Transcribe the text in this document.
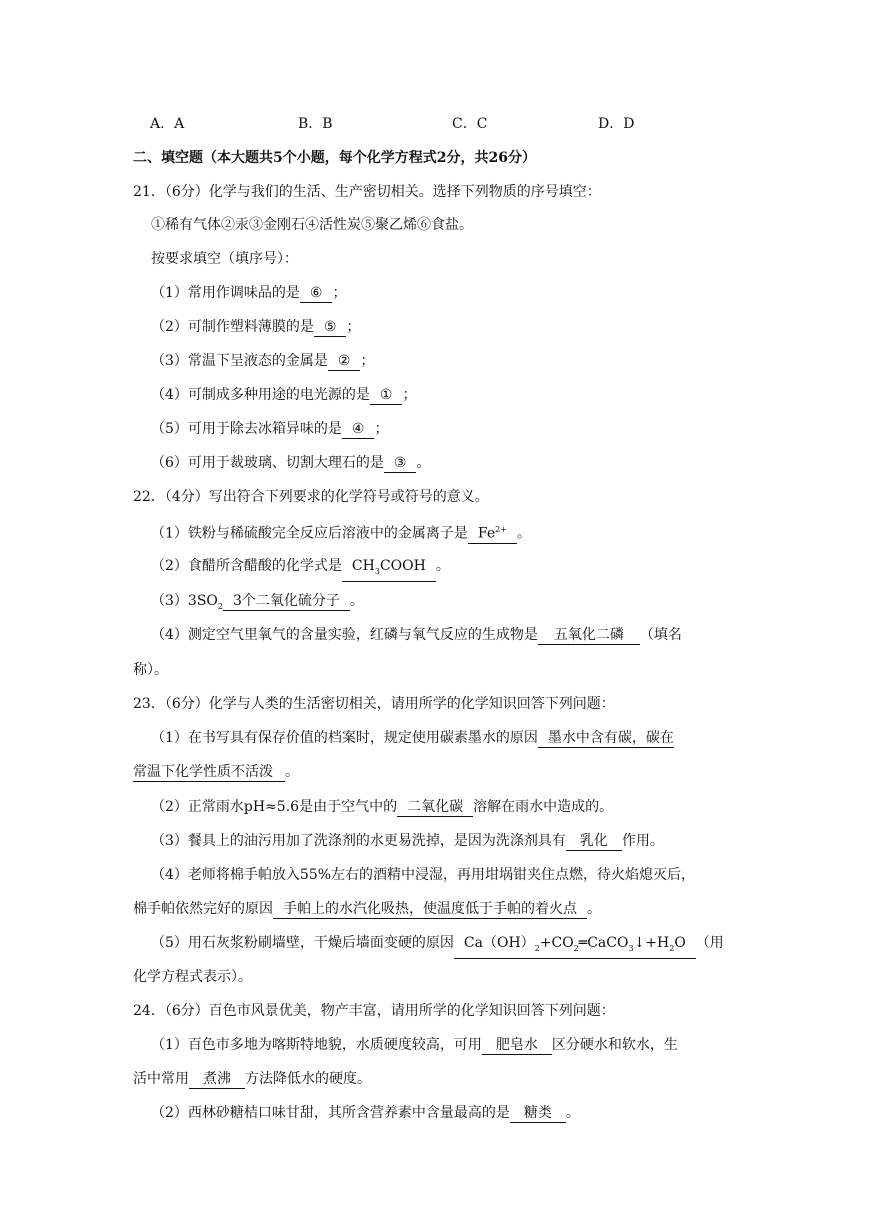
A．A	B．B	C．C	D．D
二、填空题（本大题共5个小题，每个化学方程式2分，共26分）
21．（6分）化学与我们的生活、生产密切相关。选择下列物质的序号填空：
①稀有气体②汞③金刚石④活性炭⑤聚乙烯⑥食盐。
按要求填空（填序号）：
（1）常用作调味品的是 ⑥ ；
（2）可制作塑料薄膜的是 ⑤ ；
（3）常温下呈液态的金属是 ② ；
（4）可制成多种用途的电光源的是 ① ；
（5）可用于除去冰箱异味的是 ④ ；
（6）可用于裁玻璃、切割大理石的是 ③ 。
22．（4分）写出符合下列要求的化学符号或符号的意义。
（1）铁粉与稀硫酸完全反应后溶液中的金属离子是 $Fe^{2+}$ 。
（2）食醋所含醋酸的化学式是 $CH_3COOH$ 。
$(3)3SO_2$ 3个二氧化硫分子 。
（4）测定空气里氧气的含量实验，红磷与氧气反应的生成物是 五氧化二磷 （填名
称）。
23．（6分）化学与人类的生活密切相关，请用所学的化学知识回答下列问题：
（1）在书写具有保存价值的档案时，规定使用碳素墨水的原因 墨水中含有碳，碳在
常温下化学性质不活泼 。
（2）正常雨水pH≈5.6是由于空气中的 二氧化碳 溶解在雨水中造成的。
（3）餐具上的油污用加了洗涤剂的水更易洗掉，是因为洗涤剂具有 乳化 作用。
（4）老师将棉手帕放入55%左右的酒精中浸湿，再用坩埚钳夹住点燃，待火焰熄灭后，
棉手帕依然完好的原因 手帕上的水汽化吸热，使温度低于手帕的着火点 。
（5）用石灰浆粉刷墙壁，干燥后墙面变硬的原因 $Ca(OH)_2+CO_2═CaCO_3↓+H_2O$ （用
化学方程式表示）。
24．（6分）百色市风景优美，物产丰富，请用所学的化学知识回答下列问题：
（1）百色市多地为喀斯特地貌，水质硬度较高，可用 肥皂水 区分硬水和软水，生
活中常用 煮沸 方法降低水的硬度。
（2）西林砂糖桔口味甘甜，其所含营养素中含量最高的是 糖类 。
